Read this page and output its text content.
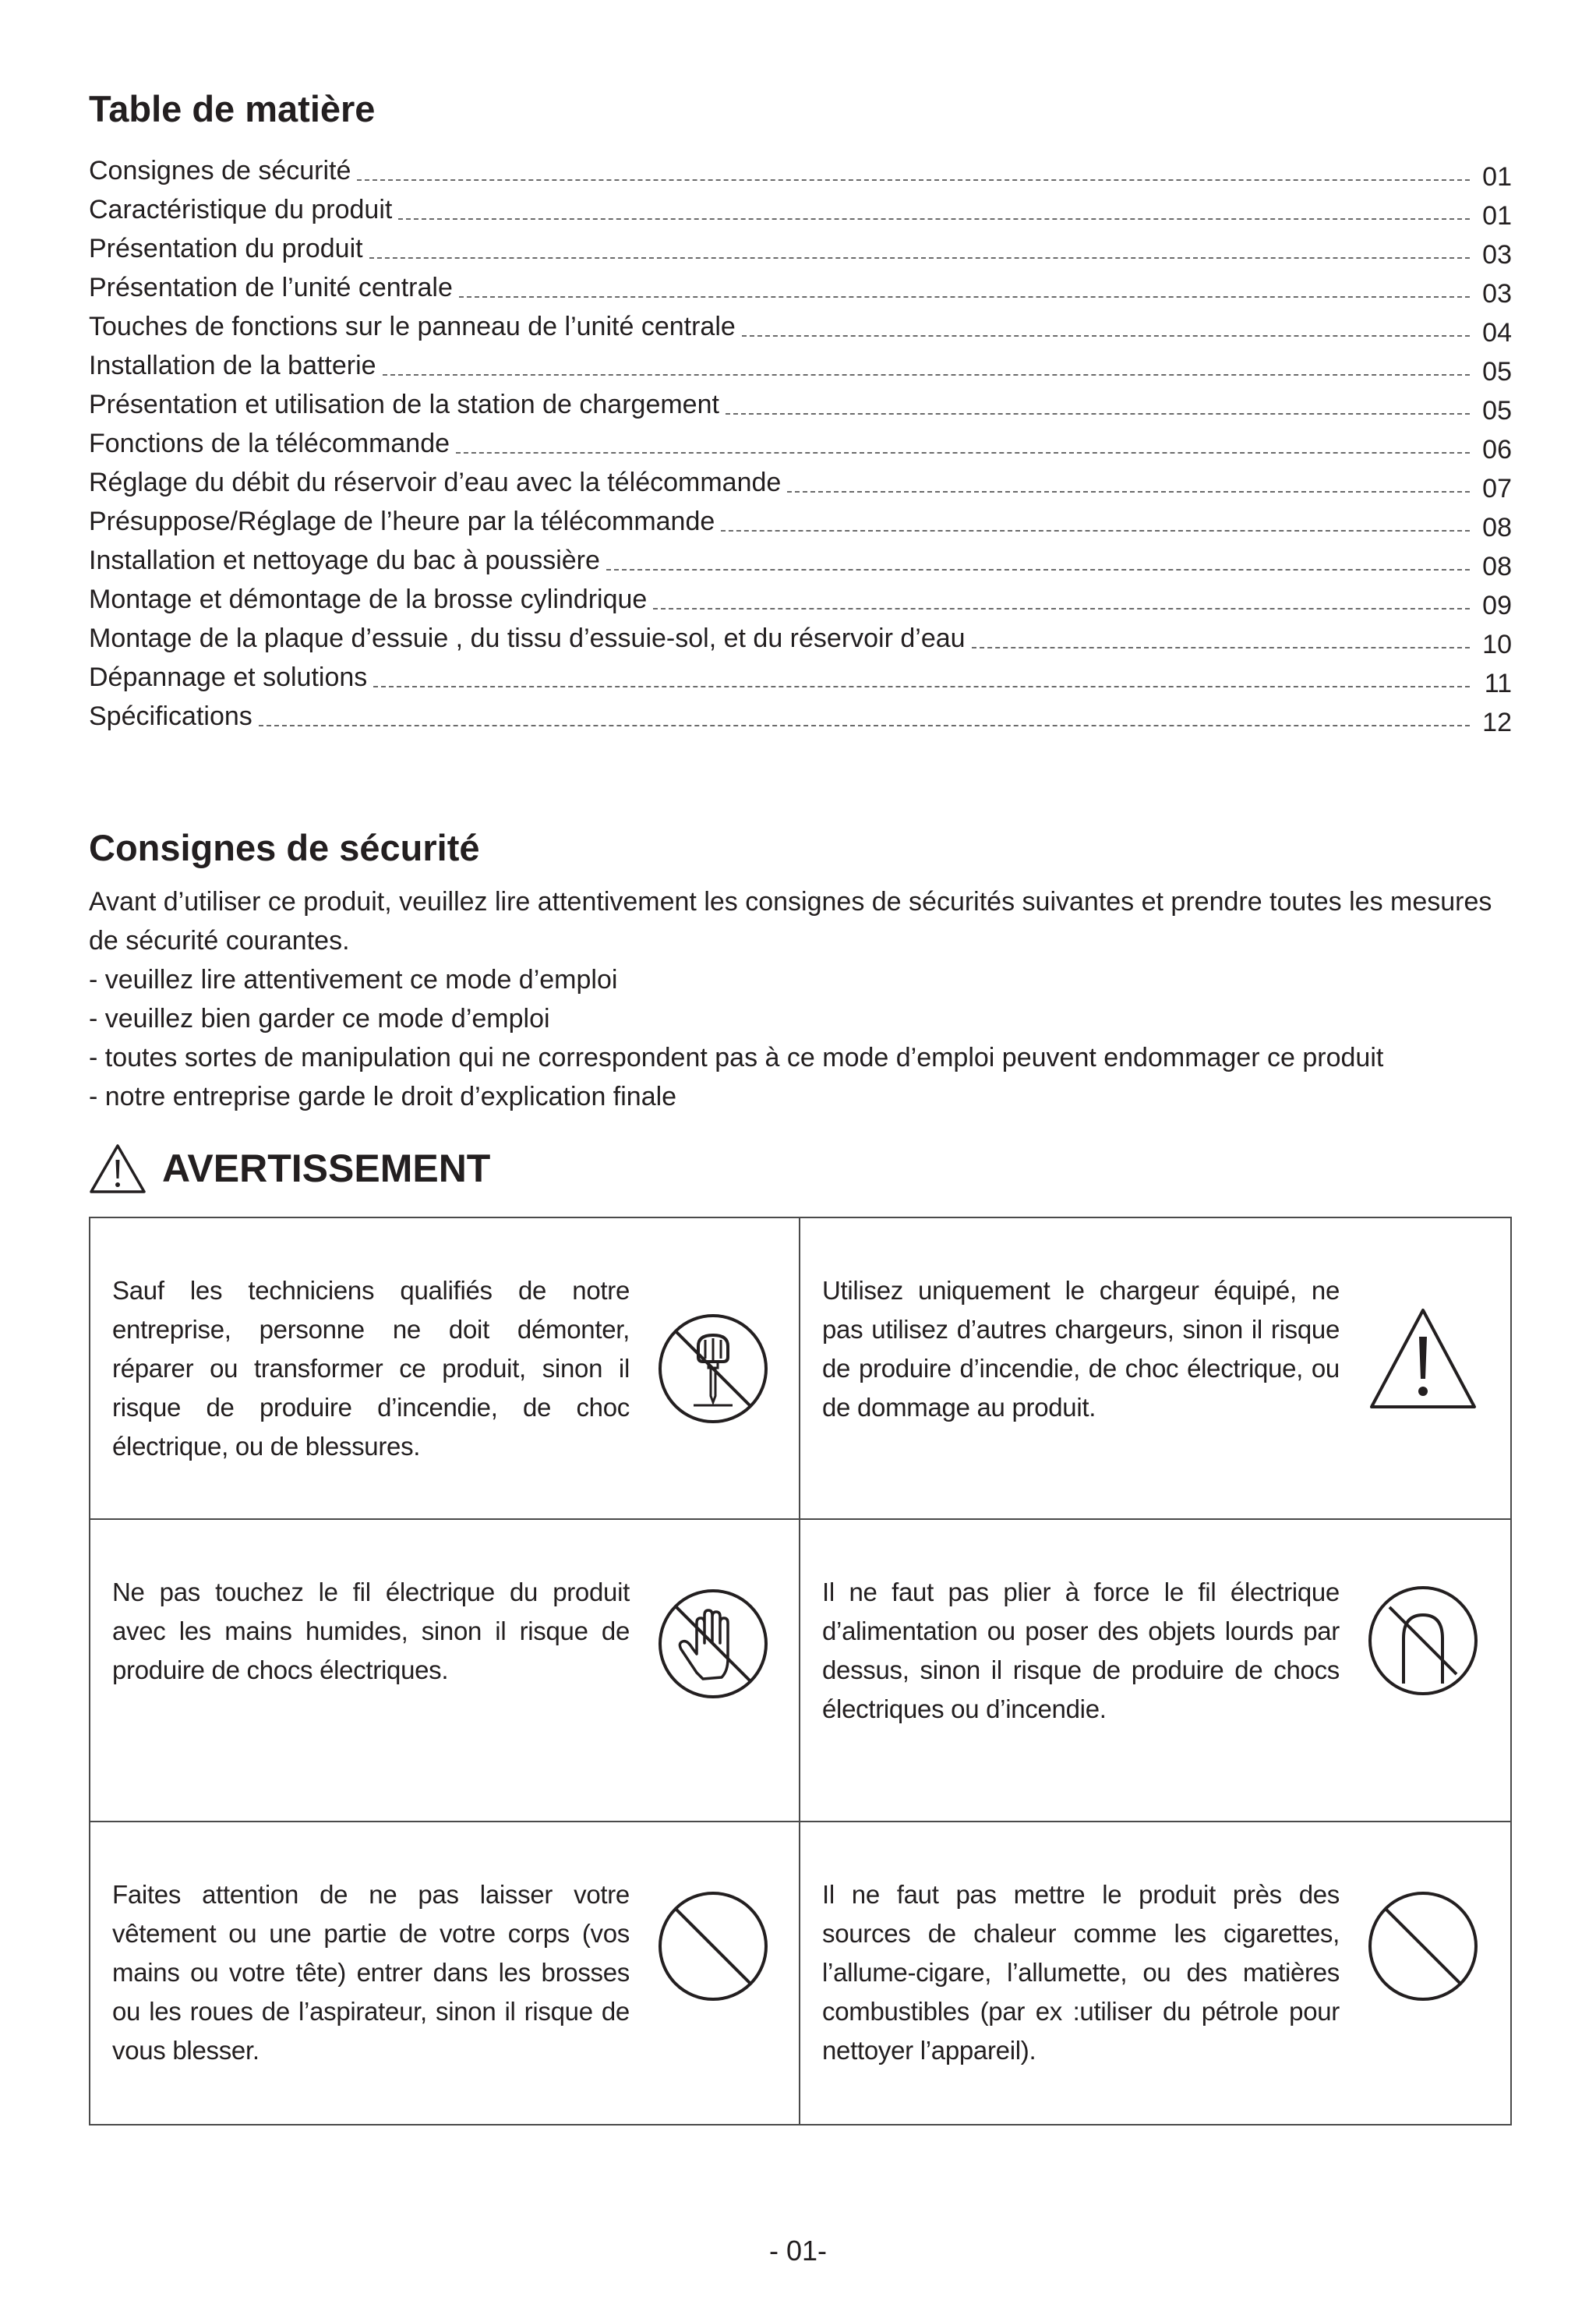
Table de matière
Consignes de sécurité	01
Caractéristique du produit	01
Présentation du produit	03
Présentation de l’unité centrale	03
Touches de fonctions sur le panneau de l’unité centrale	04
Installation de la batterie	05
Présentation et utilisation de la station de chargement	05
Fonctions de la télécommande	06
Réglage du débit du réservoir d’eau avec la télécommande	07
Présuppose/Réglage de l’heure par la télécommande	08
Installation et nettoyage du bac à poussière	08
Montage et démontage de la brosse cylindrique	09
Montage de la plaque d’essuie , du tissu d’essuie-sol, et du réservoir d’eau	10
Dépannage et solutions	11
Spécifications	12
Consignes de sécurité

Avant d’utiliser ce produit, veuillez lire attentivement les consignes de sécurités suivantes et prendre toutes les mesures de sécurité courantes.

- veuillez lire attentivement ce mode d’emploi

- veuillez bien garder ce mode d’emploi

- toutes sortes de manipulation qui ne correspondent pas à ce mode d’emploi peuvent endommager ce produit

- notre entreprise garde le droit d’explication finale

AVERTISSEMENT

Sauf les techniciens qualifiés de notre entreprise, personne ne doit démonter, réparer ou transformer ce produit, sinon il risque de produire d’incendie, de choc électrique, ou de blessures.

Utilisez uniquement le chargeur équipé, ne pas utilisez d’autres chargeurs, sinon il risque de produire d’incendie, de choc électrique, ou de dommage au produit.

Ne pas touchez le fil électrique du produit avec les mains humides, sinon il risque de produire de chocs électriques.

Il ne faut pas plier à force le fil électrique d’alimentation ou poser des objets lourds par dessus, sinon il risque de produire de chocs électriques ou d’incendie.

Faites attention de ne pas laisser votre vêtement ou une partie de votre corps (vos mains ou votre tête) entrer dans les brosses ou les roues de l’aspirateur, sinon il risque de vous blesser.

Il ne faut pas mettre le produit près des sources de chaleur comme les cigarettes, l’allume-cigare, l’allumette, ou des matières combustibles (par ex :utiliser du pétrole pour nettoyer l’appareil).

- 01-
